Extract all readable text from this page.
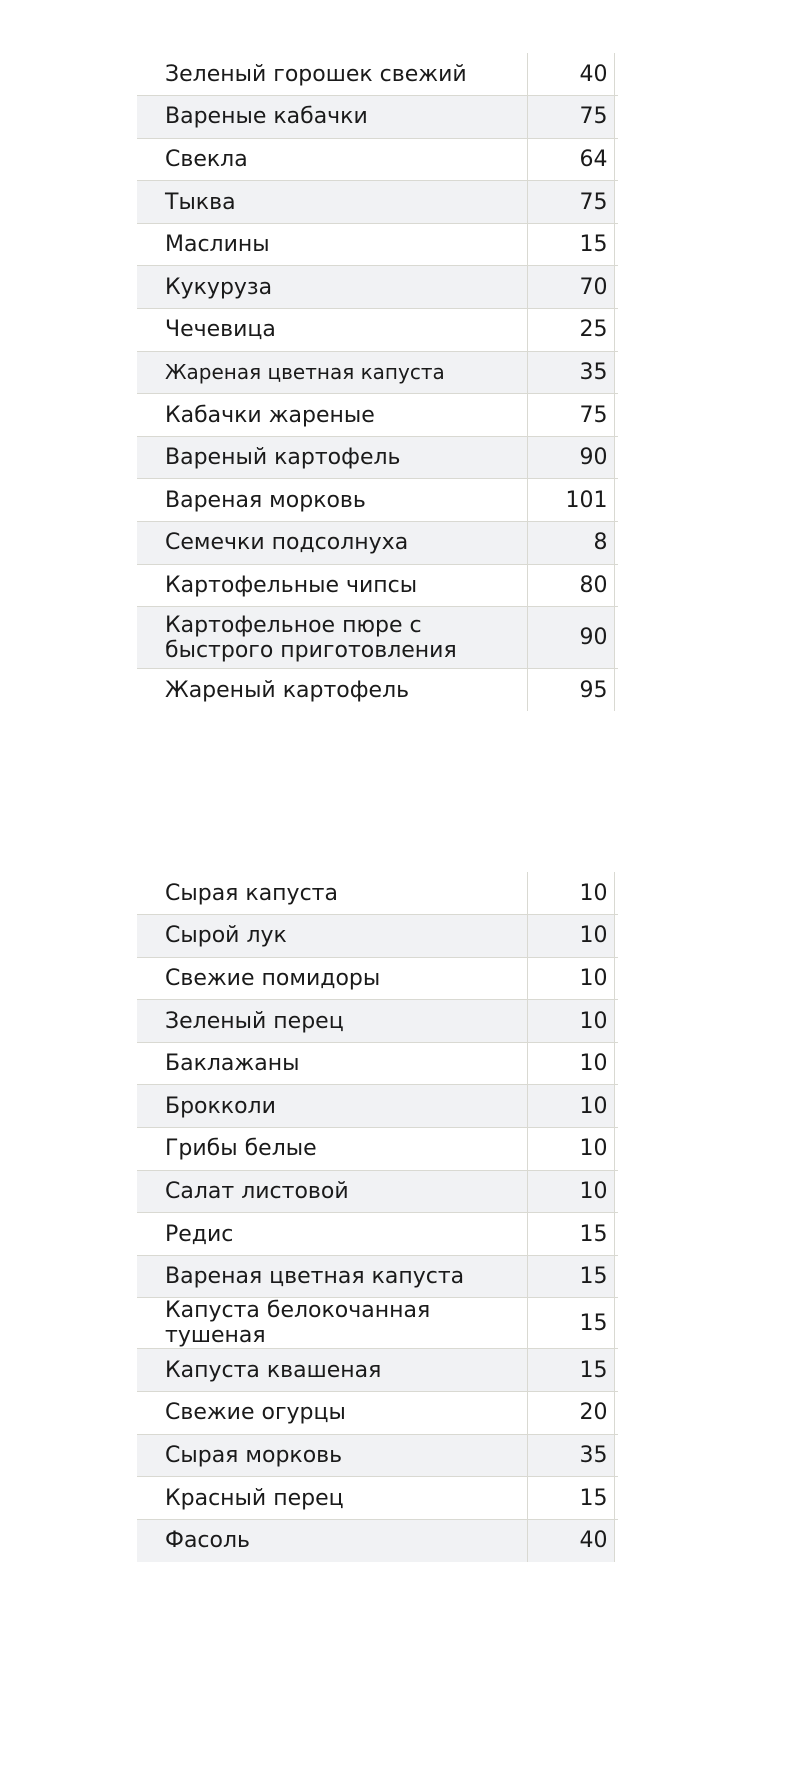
Зеленый горошек свежий	40	
Вареные кабачки	75	
Свекла	64	
Тыква	75	
Маслины	15	
Кукуруза	70	
Чечевица	25	
Жареная цветная капуста	35	
Кабачки жареные	75	
Вареный картофель	90	
Вареная морковь	101	
Семечки подсолнуха	8	
Картофельные чипсы	80	
Картофельное пюре с быстрого приготовления	90	
Жареный картофель	95	
Сырая капуста	10	
Сырой лук	10	
Свежие помидоры	10	
Зеленый перец	10	
Баклажаны	10	
Брокколи	10	
Грибы белые	10	
Салат листовой	10	
Редис	15	
Вареная цветная капуста	15	
Капуста белокочанная тушеная	15	
Капуста квашеная	15	
Свежие огурцы	20	
Сырая морковь	35	
Красный перец	15	
Фасоль	40	
